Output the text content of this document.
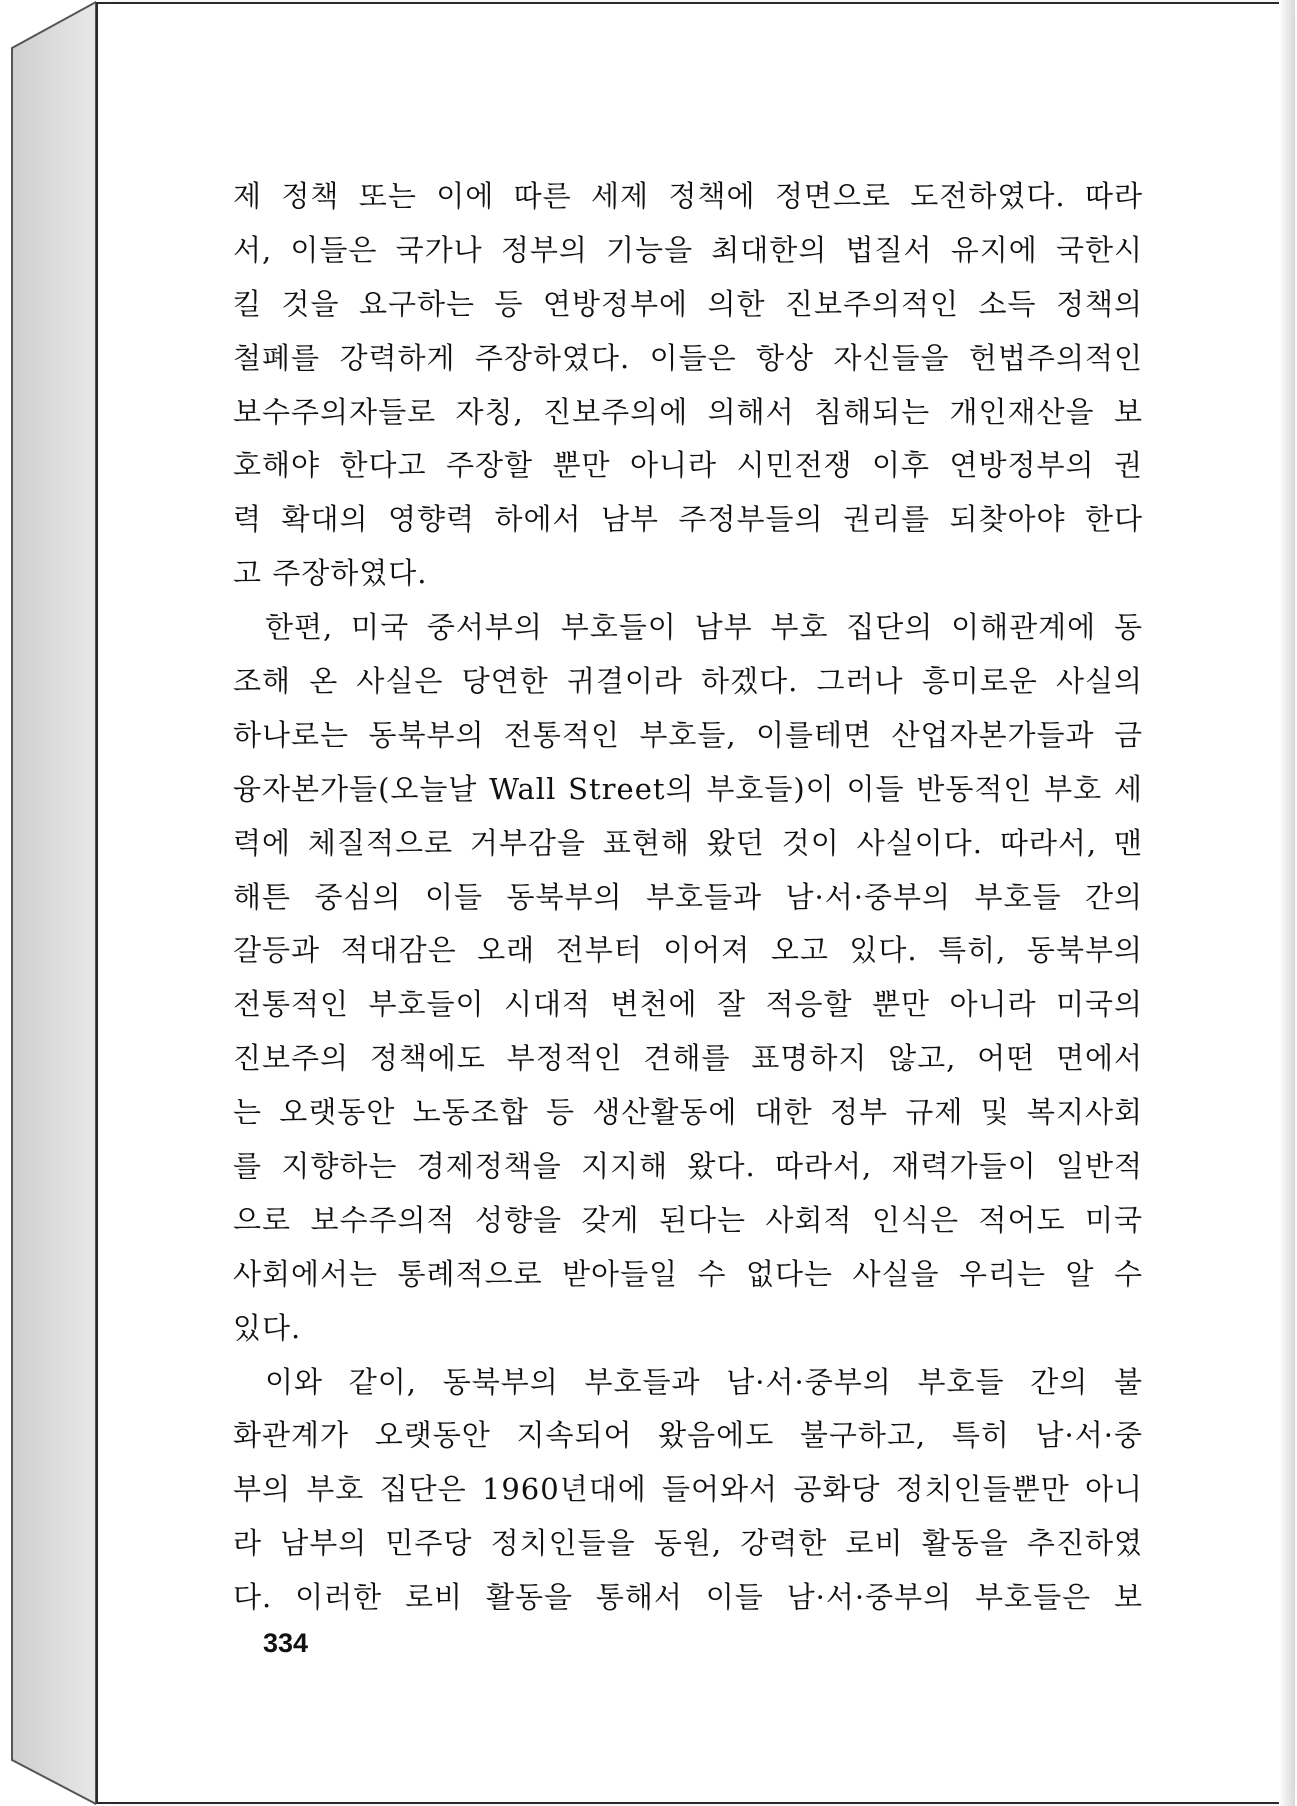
제 정책 또는 이에 따른 세제 정책에 정면으로 도전하였다. 따라
서, 이들은 국가나 정부의 기능을 최대한의 법질서 유지에 국한시
킬 것을 요구하는 등 연방정부에 의한 진보주의적인 소득 정책의
철폐를 강력하게 주장하였다. 이들은 항상 자신들을 헌법주의적인
보수주의자들로 자칭, 진보주의에 의해서 침해되는 개인재산을 보
호해야 한다고 주장할 뿐만 아니라 시민전쟁 이후 연방정부의 권
력 확대의 영향력 하에서 남부 주정부들의 권리를 되찾아야 한다
고 주장하였다.
한편, 미국 중서부의 부호들이 남부 부호 집단의 이해관계에 동
조해 온 사실은 당연한 귀결이라 하겠다. 그러나 흥미로운 사실의
하나로는 동북부의 전통적인 부호들, 이를테면 산업자본가들과 금
융자본가들(오늘날 Wall Street의 부호들)이 이들 반동적인 부호 세
력에 체질적으로 거부감을 표현해 왔던 것이 사실이다. 따라서, 맨
해튼 중심의 이들 동북부의 부호들과 남·서·중부의 부호들 간의
갈등과 적대감은 오래 전부터 이어져 오고 있다. 특히, 동북부의
전통적인 부호들이 시대적 변천에 잘 적응할 뿐만 아니라 미국의
진보주의 정책에도 부정적인 견해를 표명하지 않고, 어떤 면에서
는 오랫동안 노동조합 등 생산활동에 대한 정부 규제 및 복지사회
를 지향하는 경제정책을 지지해 왔다. 따라서, 재력가들이 일반적
으로 보수주의적 성향을 갖게 된다는 사회적 인식은 적어도 미국
사회에서는 통례적으로 받아들일 수 없다는 사실을 우리는 알 수
있다.
이와 같이, 동북부의 부호들과 남·서·중부의 부호들 간의 불
화관계가 오랫동안 지속되어 왔음에도 불구하고, 특히 남·서·중
부의 부호 집단은 1960년대에 들어와서 공화당 정치인들뿐만 아니
라 남부의 민주당 정치인들을 동원, 강력한 로비 활동을 추진하였
다. 이러한 로비 활동을 통해서 이들 남·서·중부의 부호들은 보
334
